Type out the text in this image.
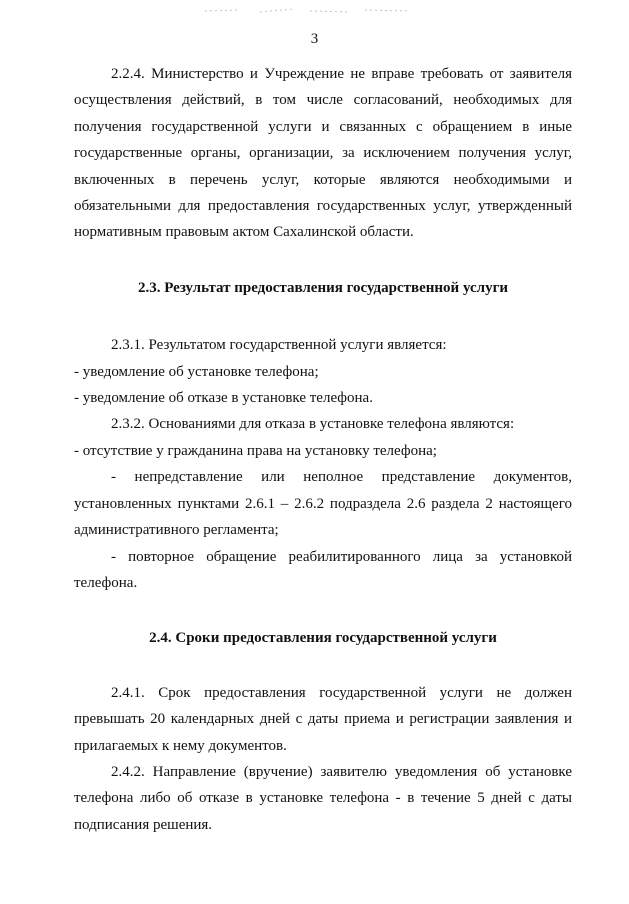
3
2.2.4. Министерство и Учреждение не вправе требовать от заявителя
осуществления действий, в том числе согласований, необходимых для
получения государственной услуги и связанных с обращением в иные
государственные органы, организации, за исключением получения услуг,
включенных в перечень услуг, которые являются необходимыми и
обязательными для предоставления государственных услуг, утвержденный
нормативным правовым актом Сахалинской области.
2.3. Результат предоставления государственной услуги
2.3.1. Результатом государственной услуги является:
- уведомление об установке телефона;
- уведомление об отказе в установке телефона.
2.3.2. Основаниями для отказа в установке телефона являются:
- отсутствие у гражданина права на установку телефона;
- непредставление или неполное представление документов,
установленных пунктами 2.6.1 – 2.6.2 подраздела 2.6 раздела 2 настоящего
административного регламента;
- повторное обращение реабилитированного лица за установкой
телефона.
2.4. Сроки предоставления государственной услуги
2.4.1. Срок предоставления государственной услуги не должен
превышать 20 календарных дней с даты приема и регистрации заявления и
прилагаемых к нему документов.
2.4.2. Направление (вручение) заявителю уведомления об установке
телефона либо об отказе в установке телефона - в течение 5 дней с даты
подписания решения.
